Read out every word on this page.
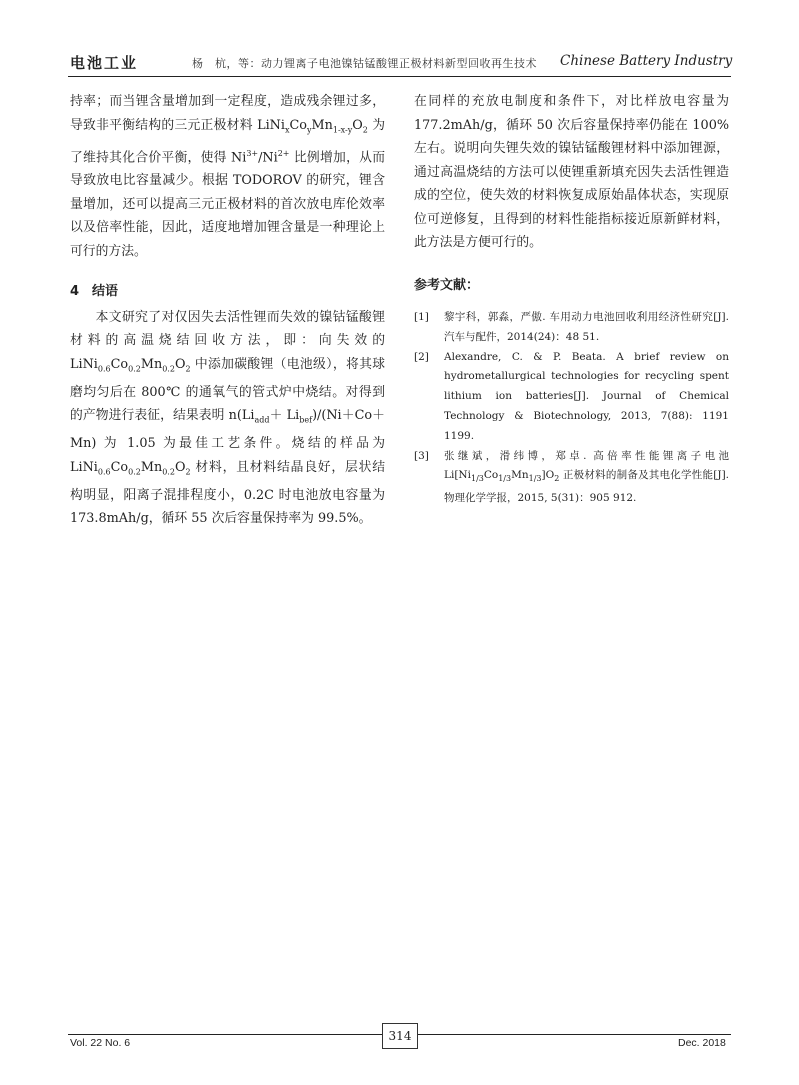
电池工业	杨　杭，等：动力锂离子电池镍钴锰酸锂正极材料新型回收再生技术 Chinese Battery Industry

持率；而当锂含量增加到一定程度，造成残余锂过多，导致非平衡结构的三元正极材料 $LiNi_xCo_yMn_{1-x-y}O_2$ 为了维持其化合价平衡，使得 $Ni^{3+}/Ni^{2+}$ 比例增加，从而导致放电比容量减少。根据 TODOROV 的研究，锂含量增加，还可以提高三元正极材料的首次放电库伦效率以及倍率性能，因此，适度地增加锂含量是一种理论上可行的方法。

4　结语

本文研究了对仅因失去活性锂而失效的镍钴锰酸锂材料的高温烧结回收方法，即：向失效的 $LiNi_{0.6}Co_{0.2}Mn_{0.2}O_2$ 中添加碳酸锂（电池级），将其球磨均匀后在 800℃ 的通氧气的管式炉中烧结。对得到的产物进行表征，结果表明 $n(Li_{add}+ Li_{bef})/(Ni+Co+Mn)$ 为 1.05 为最佳工艺条件。烧结的样品为 $LiNi_{0.6}Co_{0.2}Mn_{0.2}O_2$ 材料，且材料结晶良好，层状结构明显，阳离子混排程度小，0.2C 时电池放电容量为 173.8mAh/g，循环 55 次后容量保持率为 99.5%。

在同样的充放电制度和条件下，对比样放电容量为 177.2mAh/g，循环 50 次后容量保持率仍能在 100% 左右。说明向失锂失效的镍钴锰酸锂材料中添加锂源，通过高温烧结的方法可以使锂重新填充因失去活性锂造成的空位，使失效的材料恢复成原始晶体状态，实现原位可逆修复，且得到的材料性能指标接近原新鲜材料，此方法是方便可行的。

参考文献：
[1]	黎宇科，郭淼，严傲. 车用动力电池回收利用经济性研究[J]. 汽车与配件，2014(24)：48 51.
[2]	Alexandre, C. & P. Beata. A brief review on hydrometallurgical technologies for recycling spent lithium ion batteries[J]. Journal of Chemical Technology & Biotechnology, 2013, 7(88): 1191 1199.
[3]	张继斌，滑纬博，郑卓. 高倍率性能锂离子电池 $Li[Ni_{1/3}Co_{1/3}Mn_{1/3}]O_2$ 正极材料的制备及其电化学性能[J]. 物理化学学报，2015, 5(31)：905 912.
Vol. 22 No. 6	314	Dec. 2018
